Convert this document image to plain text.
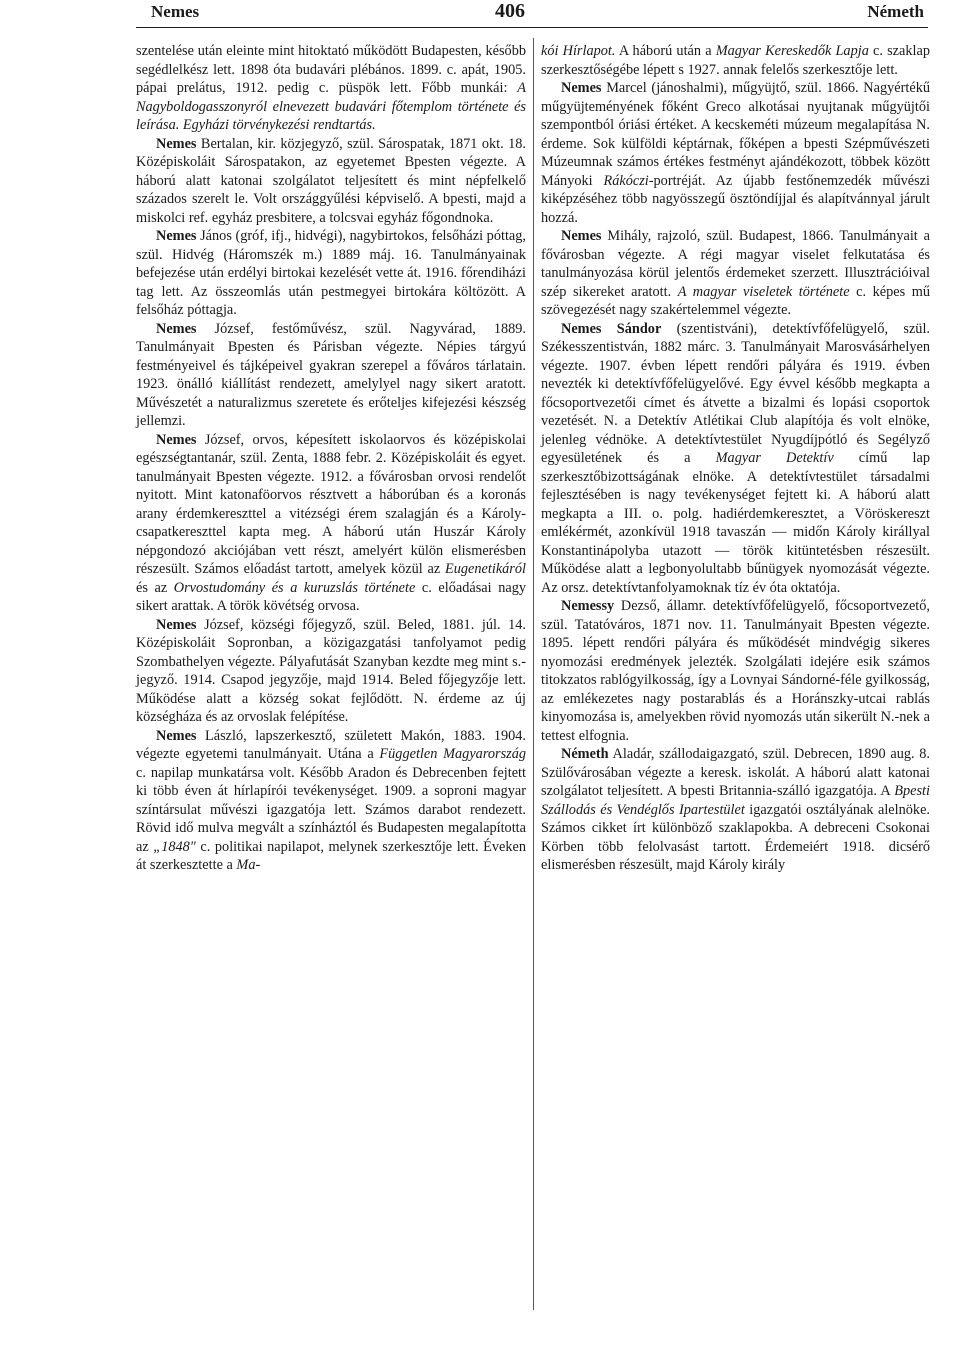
Nemes	406	Németh

szentelése után eleinte mint hitoktató működött Budapesten, később segédlelkész lett. 1898 óta budavári plébános. 1899. c. apát, 1905. pápai prelátus, 1912. pedig c. püspök lett. Főbb munkái: A Nagyboldogasszonyról elnevezett budavári főtemplom története és leírása. Egyházi törvénykezési rendtartás.

Nemes Bertalan, kir. közjegyző, szül. Sárospatak, 1871 okt. 18. Középiskoláit Sárospatakon, az egyetemet Bpesten végezte. A háború alatt katonai szolgálatot teljesített és mint népfelkelő százados szerelt le. Volt országgyűlési képviselő. A bpesti, majd a miskolci ref. egyház presbitere, a tolcsvai egyház főgondnoka.

Nemes János (gróf, ifj., hidvégi), nagybirtokos, felsőházi póttag, szül. Hidvég (Háromszék m.) 1889 máj. 16. Tanulmányainak befejezése után erdélyi birtokai kezelését vette át. 1916. főrendiházi tag lett. Az összeomlás után pestmegyei birtokára költözött. A felsőház póttagja.

Nemes József, festőművész, szül. Nagyvárad, 1889. Tanulmányait Bpesten és Párisban végezte. Népies tárgyú festményeivel és tájképeivel gyakran szerepel a főváros tárlatain. 1923. önálló kiállítást rendezett, amelylyel nagy sikert aratott. Művészetét a naturalizmus szeretete és erőteljes kifejezési készség jellemzi.

Nemes József, orvos, képesített iskolaorvos és középiskolai egészségtantanár, szül. Zenta, 1888 febr. 2. Középiskoláit és egyet. tanulmányait Bpesten végezte. 1912. a fővárosban orvosi rendelőt nyitott. Mint katonaföorvos résztvett a háborúban és a koronás arany érdemkereszttel a vitézségi érem szalagján és a Károly-csapatkereszttel kapta meg. A háború után Huszár Károly népgondozó akciójában vett részt, amelyért külön elismerésben részesült. Számos előadást tartott, amelyek közül az Eugenetikáról és az Orvostudomány és a kuruzslás története c. előadásai nagy sikert arattak. A török kövétség orvosa.

Nemes József, községi főjegyző, szül. Beled, 1881. júl. 14. Középiskoláit Sopronban, a közigazgatási tanfolyamot pedig Szombathelyen végezte. Pályafutását Szanyban kezdte meg mint s.-jegyző. 1914. Csapod jegyzője, majd 1914. Beled főjegyzője lett. Működése alatt a község sokat fejlődött. N. érdeme az új községháza és az orvoslak felépítése.

Nemes László, lapszerkesztő, született Makón, 1883. 1904. végezte egyetemi tanulmányait. Utána a Független Magyarország c. napilap munkatársa volt. Később Aradon és Debrecenben fejtett ki több éven át hírlapírói tevékenységet. 1909. a soproni magyar színtársulat művészi igazgatója lett. Számos darabot rendezett. Rövid idő mulva megvált a színháztól és Budapesten megalapította az „1848" c. politikai napilapot, melynek szerkesztője lett. Éveken át szerkesztette a Ma-

kói Hírlapot. A háború után a Magyar Kereskedők Lapja c. szaklap szerkesztőségébe lépett s 1927. annak felelős szerkesztője lett.

Nemes Marcel (jánoshalmi), műgyüjtő, szül. 1866. Nagyértékű műgyüjteményének főként Greco alkotásai nyujtanak műgyüjtői szempontból óriási értéket. A kecskeméti múzeum megalapítása N. érdeme. Sok külföldi képtárnak, főképen a bpesti Szépművészeti Múzeumnak számos értékes festményt ajándékozott, többek között Mányoki Rákóczi-portréját. Az újabb festőnemzedék művészi kiképzéséhez több nagyösszegű ösztöndíjjal és alapítvánnyal járult hozzá.

Nemes Mihály, rajzoló, szül. Budapest, 1866. Tanulmányait a fővárosban végezte. A régi magyar viselet felkutatása és tanulmányozása körül jelentős érdemeket szerzett. Illusztrációival szép sikereket aratott. A magyar viseletek története c. képes mű szövegezését nagy szakértelemmel végezte.

Nemes Sándor (szentistváni), detektívfőfelügyelő, szül. Székesszentistván, 1882 márc. 3. Tanulmányait Marosvásárhelyen végezte. 1907. évben lépett rendőri pályára és 1919. évben nevezték ki detektívfőfelügyelővé. Egy évvel később megkapta a főcsoportvezetői címet és átvette a bizalmi és lopási csoportok vezetését. N. a Detektív Atlétikai Club alapítója és volt elnöke, jelenleg védnöke. A detektívtestület Nyugdíjpótló és Segélyző egyesületének és a Magyar Detektív című lap szerkesztőbizottságának elnöke. A detektívtestület társadalmi fejlesztésében is nagy tevékenységet fejtett ki. A háború alatt megkapta a III. o. polg. hadiérdemkeresztet, a Vöröskereszt emlékérmét, azonkívül 1918 tavaszán — midőn Károly királlyal Konstantinápolyba utazott — török kitüntetésben részesült. Működése alatt a legbonyolultabb bűnügyek nyomozását végezte. Az orsz. detektívtanfolyamoknak tíz év óta oktatója.

Nemessy Dezső, államr. detektívfőfelügyelő, főcsoportvezető, szül. Tatatóváros, 1871 nov. 11. Tanulmányait Bpesten végezte. 1895. lépett rendőri pályára és működését mindvégig sikeres nyomozási eredmények jelezték. Szolgálati idejére esik számos titokzatos rablógyilkosság, így a Lovnyai Sándorné-féle gyilkosság, az emlékezetes nagy postarablás és a Horánszky-utcai rablás kinyomozása is, amelyekben rövid nyomozás után sikerült N.-nek a tettest elfognia.

Németh Aladár, szállodaigazgató, szül. Debrecen, 1890 aug. 8. Szülővárosában végezte a keresk. iskolát. A háború alatt katonai szolgálatot teljesített. A bpesti Britannia-szálló igazgatója. A Bpesti Szállodás és Vendéglős Ipartestület igazgatói osztályának alelnöke. Számos cikket írt különböző szaklapokba. A debreceni Csokonai Körben több felolvasást tartott. Érdemeiért 1918. dicsérő elismerésben részesült, majd Károly király
